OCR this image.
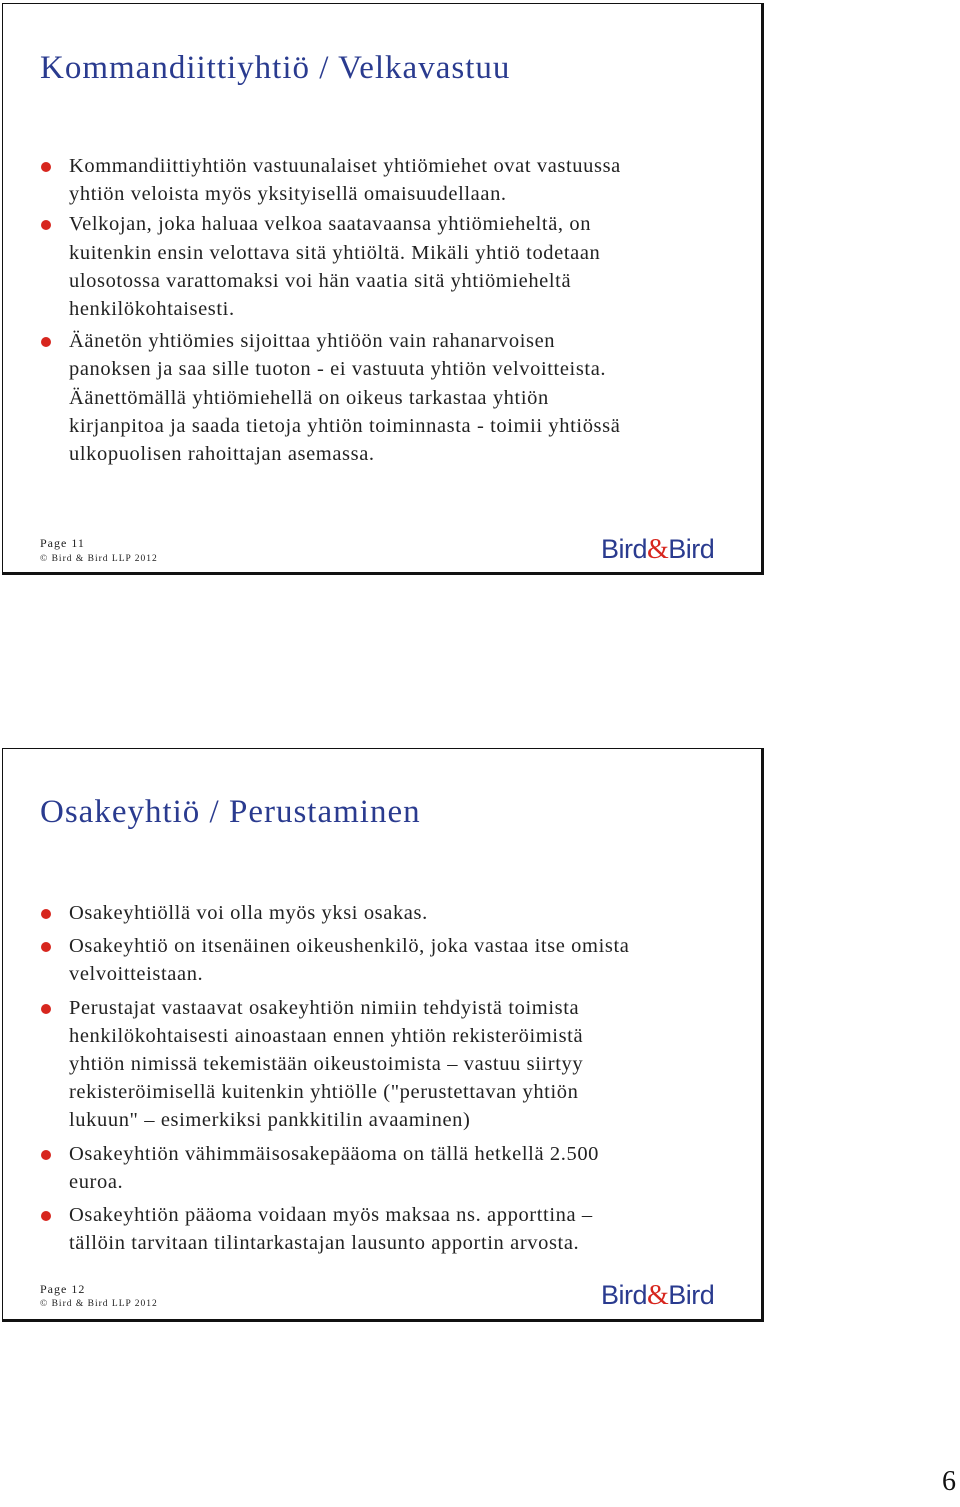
Kommandiittiyhtiö / Velkavastuu
Kommandiittiyhtiön vastuunalaiset yhtiömiehet ovat vastuussa
yhtiön veloista myös yksityisellä omaisuudellaan.
Velkojan, joka haluaa velkoa saatavaansa yhtiömieheltä, on
kuitenkin ensin velottava sitä yhtiöltä. Mikäli yhtiö todetaan
ulosotossa varattomaksi voi hän vaatia sitä yhtiömieheltä
henkilökohtaisesti.
Äänetön yhtiömies sijoittaa yhtiöön vain rahanarvoisen
panoksen ja saa sille tuoton - ei vastuuta yhtiön velvoitteista.
Äänettömällä yhtiömiehellä on oikeus tarkastaa yhtiön
kirjanpitoa ja saada tietoja yhtiön toiminnasta - toimii yhtiössä
ulkopuolisen rahoittajan asemassa.
Page 11
© Bird & Bird LLP 2012	Bird&Bird
Osakeyhtiö / Perustaminen
Osakeyhtiöllä voi olla myös yksi osakas.
Osakeyhtiö on itsenäinen oikeushenkilö, joka vastaa itse omista
velvoitteistaan.
Perustajat vastaavat osakeyhtiön nimiin tehdyistä toimista
henkilökohtaisesti ainoastaan ennen yhtiön rekisteröimistä
yhtiön nimissä tekemistään oikeustoimista – vastuu siirtyy
rekisteröimisellä kuitenkin yhtiölle ("perustettavan yhtiön
lukuun" – esimerkiksi pankkitilin avaaminen)
Osakeyhtiön vähimmäisosakepääoma on tällä hetkellä 2.500
euroa.
Osakeyhtiön pääoma voidaan myös maksaa ns. apporttina –
tällöin tarvitaan tilintarkastajan lausunto apportin arvosta.
Page 12
© Bird & Bird LLP 2012	Bird&Bird
6
